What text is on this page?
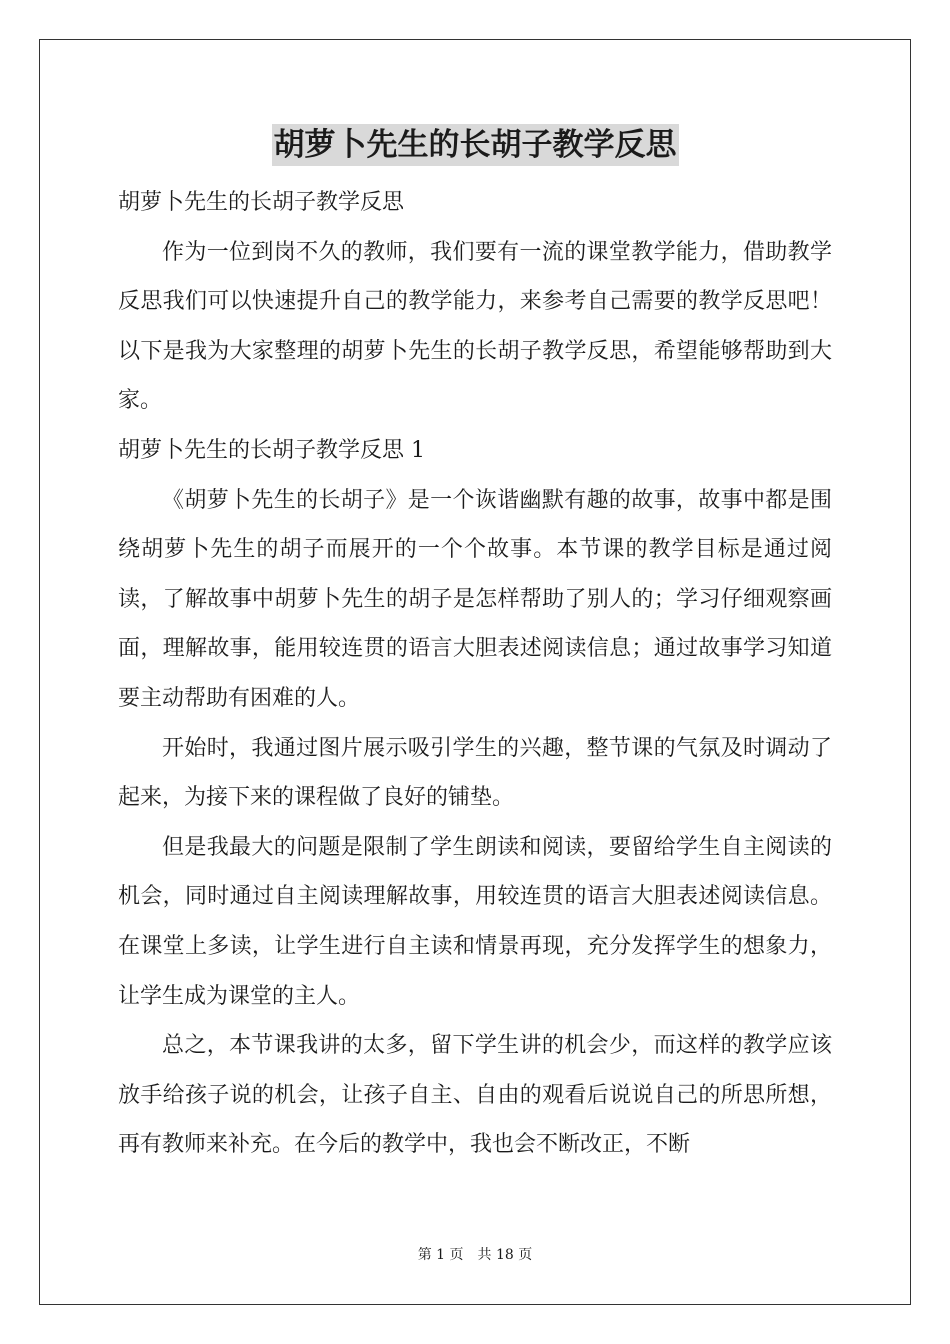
胡萝卜先生的长胡子教学反思

胡萝卜先生的长胡子教学反思

作为一位到岗不久的教师，我们要有一流的课堂教学能力，借助教学反思我们可以快速提升自己的教学能力，来参考自己需要的教学反思吧！以下是我为大家整理的胡萝卜先生的长胡子教学反思，希望能够帮助到大家。

胡萝卜先生的长胡子教学反思 1

《胡萝卜先生的长胡子》是一个诙谐幽默有趣的故事，故事中都是围绕胡萝卜先生的胡子而展开的一个个故事。本节课的教学目标是通过阅读，了解故事中胡萝卜先生的胡子是怎样帮助了别人的；学习仔细观察画面，理解故事，能用较连贯的语言大胆表述阅读信息；通过故事学习知道要主动帮助有困难的人。

开始时，我通过图片展示吸引学生的兴趣，整节课的气氛及时调动了起来，为接下来的课程做了良好的铺垫。

但是我最大的问题是限制了学生朗读和阅读，要留给学生自主阅读的机会，同时通过自主阅读理解故事，用较连贯的语言大胆表述阅读信息。在课堂上多读，让学生进行自主读和情景再现，充分发挥学生的想象力，让学生成为课堂的主人。

总之，本节课我讲的太多，留下学生讲的机会少，而这样的教学应该放手给孩子说的机会，让孩子自主、自由的观看后说说自己的所思所想，再有教师来补充。在今后的教学中，我也会不断改正，不断

第 1 页 共 18 页
